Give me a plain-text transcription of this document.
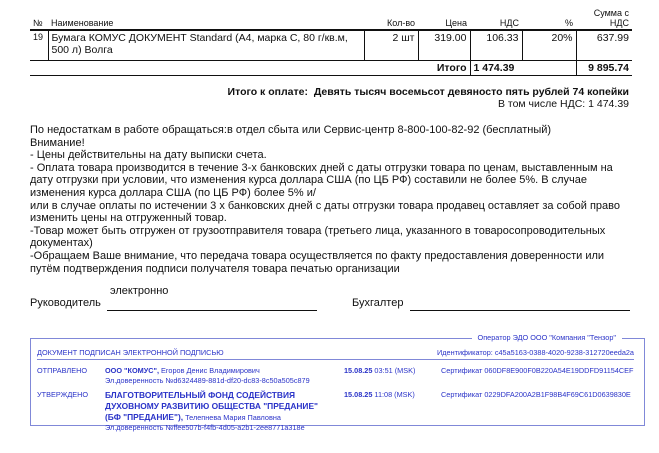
№	Наименование	Кол-во	Цена	НДС	%	Сумма с НДС
19	Бумага КОМУС ДОКУМЕНТ Standard (А4, марка С, 80 г/кв.м, 500 л) Волга	2 шт	319.00	106.33	20%	637.99
Итого				1 474.39		9 895.74
Итого к оплате: Девять тысяч восемьсот девяносто пять рублей 74 копейки
В том числе НДС: 1 474.39
По недостаткам в работе обращаться:в отдел сбыта или Сервис-центр 8-800-100-82-92 (бесплатный)
Внимание!
- Цены действительны на дату выписки счета.
- Оплата товара производится в течение 3-х банковских дней с даты отгрузки товара по ценам, выставленным на дату отгрузки при условии, что изменения курса доллара США (по ЦБ РФ) составили не более 5%. В случае изменения курса доллара США (по ЦБ РФ) более 5% и/
или в случае оплаты по истечении 3 х банковских дней с даты отгрузки товара продавец оставляет за собой право изменить цены на отгруженный товар.
-Товар может быть отгружен от грузоотправителя товара (третьего лица, указанного в товаросопроводительных документах)
-Обращаем Ваше внимание, что передача товара осуществляется по факту предоставления доверенности или путём подтверждения подписи получателя товара печатью организации
Руководитель
электронно
Бухгалтер
Оператор ЭДО ООО "Компания "Тензор"
ДОКУМЕНТ ПОДПИСАН ЭЛЕКТРОННОЙ ПОДПИСЬЮ	Идентификатор: c45a5163-0388-4020-9238-312720eeda2a
ОТПРАВЛЕНО ООО "КОМУС", Егоров Денис Владимирович
Эл.доверенность №d6324489-881d-df20-dc83-8c50a505c879
15.08.25 03:51 (MSK)	Сертификат 060DF8E900F0B220A54E19DDFD91154CEF
УТВЕРЖДЕНО БЛАГОТВОРИТЕЛЬНЫЙ ФОНД СОДЕЙСТВИЯ ДУХОВНОМУ РАЗВИТИЮ ОБЩЕСТВА "ПРЕДАНИЕ" (БФ "ПРЕДАНИЕ"), Телепнева Мария Павловна
Эл.доверенность №ffee507b-f4fb-4d05-a2b1-2ee8771a318e
15.08.25 11:08 (MSK)	Сертификат 0229DFA200A2B1F98B4F69C61D0639830E
